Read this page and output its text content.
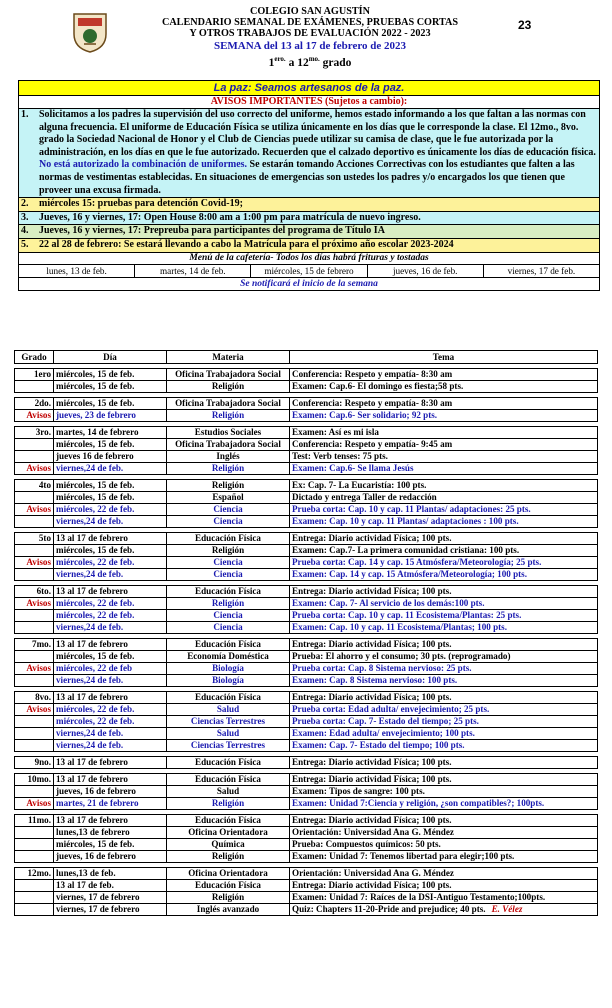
COLEGIO SAN AGUSTÍN
CALENDARIO SEMANAL DE EXÁMENES, PRUEBAS CORTAS
Y OTROS TRABAJOS DE EVALUACIÓN 2022 - 2023
SEMANA del 13 al 17 de febrero de 2023
$1^{ero.}$ a $12^{mo.}$ grado
23
La paz: Seamos artesanos de la paz.
AVISOS IMPORTANTES (Sujetos a cambio):
1.	Solicitamos a los padres la supervisión del uso correcto del uniforme, hemos estado informando a los que faltan a las normas con alguna frecuencia. El uniforme de Educación Física se utiliza únicamente en los días que le corresponde la clase. El 12mo., 8vo. grado la Sociedad Nacional de Honor y el Club de Ciencias puede utilizar su camisa de clase, que le fue autorizada por la administración, en los días en que le fue autorizado. Recuerden que el calzado deportivo es únicamente los días de educación física. No está autorizado la combinación de uniformes. Se estarán tomando Acciones Correctivas con los estudiantes que falten a las normas de vestimentas establecidas. En situaciones de emergencias son ustedes los padres y/o encargados los que tienen que proveer una excusa firmada.
2.	miércoles 15: pruebas para detención Covid-19;
3.	Jueves, 16 y viernes, 17: Open House 8:00 am a 1:00 pm para matrícula de nuevo ingreso.
4.	Jueves, 16 y viernes, 17: Prepreuba para participantes del programa de Título IA
5.	22 al 28 de febrero: Se estará llevando a cabo la Matrícula para el próximo año escolar 2023-2024
Menú de la cafetería- Todos los días habrá frituras y tostadas
lunes, 13 de feb.	martes, 14 de feb.	miércoles, 15 de febrero	jueves, 16 de feb.	viernes, 17 de feb.
Se notificará el inicio de la semana
Grado	Día	Materia	Tema

1ero	miércoles, 15 de feb.	Oficina Trabajadora Social	Conferencia: Respeto y empatía- 8:30 am
	miércoles, 15 de feb.	Religión	Examen: Cap.6- El domingo es fiesta;58 pts.

2do.	miércoles, 15 de feb.	Oficina Trabajadora Social	Conferencia: Respeto y empatía- 8:30 am
Avisos	jueves, 23 de febrero	Religión	Examen: Cap.6- Ser solidario; 92 pts.

3ro.	martes, 14 de febrero	Estudios Sociales	Examen: Así es mi isla
	miércoles, 15 de feb.	Oficina Trabajadora Social	Conferencia: Respeto y empatía- 9:45 am
	jueves 16 de febrero	Inglés	Test: Verb tenses: 75 pts.
Avisos	viernes,24 de feb.	Religión	Examen: Cap.6- Se llama Jesús

4to	miércoles, 15 de feb.	Religión	Ex: Cap. 7- La Eucaristía: 100 pts.
	miércoles, 15 de feb.	Español	Dictado y entrega Taller de redacción
Avisos	miércoles, 22 de feb.	Ciencia	Prueba corta: Cap. 10 y cap. 11 Plantas/ adaptaciones: 25 pts.
	viernes,24 de feb.	Ciencia	Examen: Cap. 10 y cap. 11 Plantas/ adaptaciones : 100 pts.

5to	13 al 17 de febrero	Educación Física	Entrega: Diario actividad Física; 100 pts.
	miércoles, 15 de feb.	Religión	Examen: Cap.7- La primera comunidad cristiana: 100 pts.
Avisos	miércoles, 22 de feb.	Ciencia	Prueba corta: Cap. 14 y cap. 15 Atmósfera/Meteorología; 25 pts.
	viernes,24 de feb.	Ciencia	Examen: Cap. 14 y cap. 15 Atmósfera/Meteorología; 100 pts.

6to.	13 al 17 de febrero	Educación Física	Entrega: Diario actividad Física; 100 pts.
Avisos	miércoles, 22 de feb.	Religión	Examen: Cap. 7- Al servicio de los demás:100 pts.
	miércoles, 22 de feb.	Ciencia	Prueba corta: Cap. 10 y cap. 11 Ecosistema/Plantas: 25 pts.
	viernes,24 de feb.	Ciencia	Examen: Cap. 10 y cap. 11 Ecosistema/Plantas; 100 pts.

7mo.	13 al 17 de febrero	Educación Física	Entrega: Diario actividad Física; 100 pts.
	miércoles, 15 de feb.	Economía Doméstica	Prueba: El ahorro y el consumo; 30 pts. (reprogramado)
Avisos	miércoles, 22 de feb	Biología	Prueba corta: Cap. 8 Sistema nervioso: 25 pts.
	viernes,24 de feb.	Biología	Examen: Cap. 8 Sistema nervioso: 100 pts.

8vo.	13 al 17 de febrero	Educación Física	Entrega: Diario actividad Física; 100 pts.
Avisos	miércoles, 22 de feb.	Salud	Prueba corta: Edad adulta/ envejecimiento; 25 pts.
	miércoles, 22 de feb.	Ciencias Terrestres	Prueba corta: Cap. 7- Estado del tiempo; 25 pts.
	viernes,24 de feb.	Salud	Examen: Edad adulta/ envejecimiento; 100 pts.
	viernes,24 de feb.	Ciencias Terrestres	Examen: Cap. 7- Estado del tiempo; 100 pts.

9no.	13 al 17 de febrero	Educación Física	Entrega: Diario actividad Física; 100 pts.

10mo.	13 al 17 de febrero	Educación Física	Entrega: Diario actividad Física; 100 pts.
	jueves, 16 de febrero	Salud	Examen: Tipos de sangre: 100 pts.
Avisos	martes, 21 de febrero	Religión	Examen: Unidad 7:Ciencia y religión, ¿son compatibles?; 100pts.

11mo.	13 al 17 de febrero	Educación Física	Entrega: Diario actividad Física; 100 pts.
	lunes,13 de febrero	Oficina Orientadora	Orientación: Universidad Ana G. Méndez
	miércoles, 15 de feb.	Química	Prueba: Compuestos químicos: 50 pts.
	jueves, 16 de febrero	Religión	Examen: Unidad 7: Tenemos libertad para elegir;100 pts.

12mo.	lunes,13 de feb.	Oficina Orientadora	Orientación: Universidad Ana G. Méndez
	13 al 17 de feb.	Educación Física	Entrega: Diario actividad Física; 100 pts.
	viernes, 17 de febrero	Religión	Examen: Unidad 7: Raíces de la DSI-Antiguo Testamento;100pts.
	viernes, 17 de febrero	Inglés avanzado	Quiz: Chapters 11-20-Pride and prejudice; 40 pts. E. Vélez
